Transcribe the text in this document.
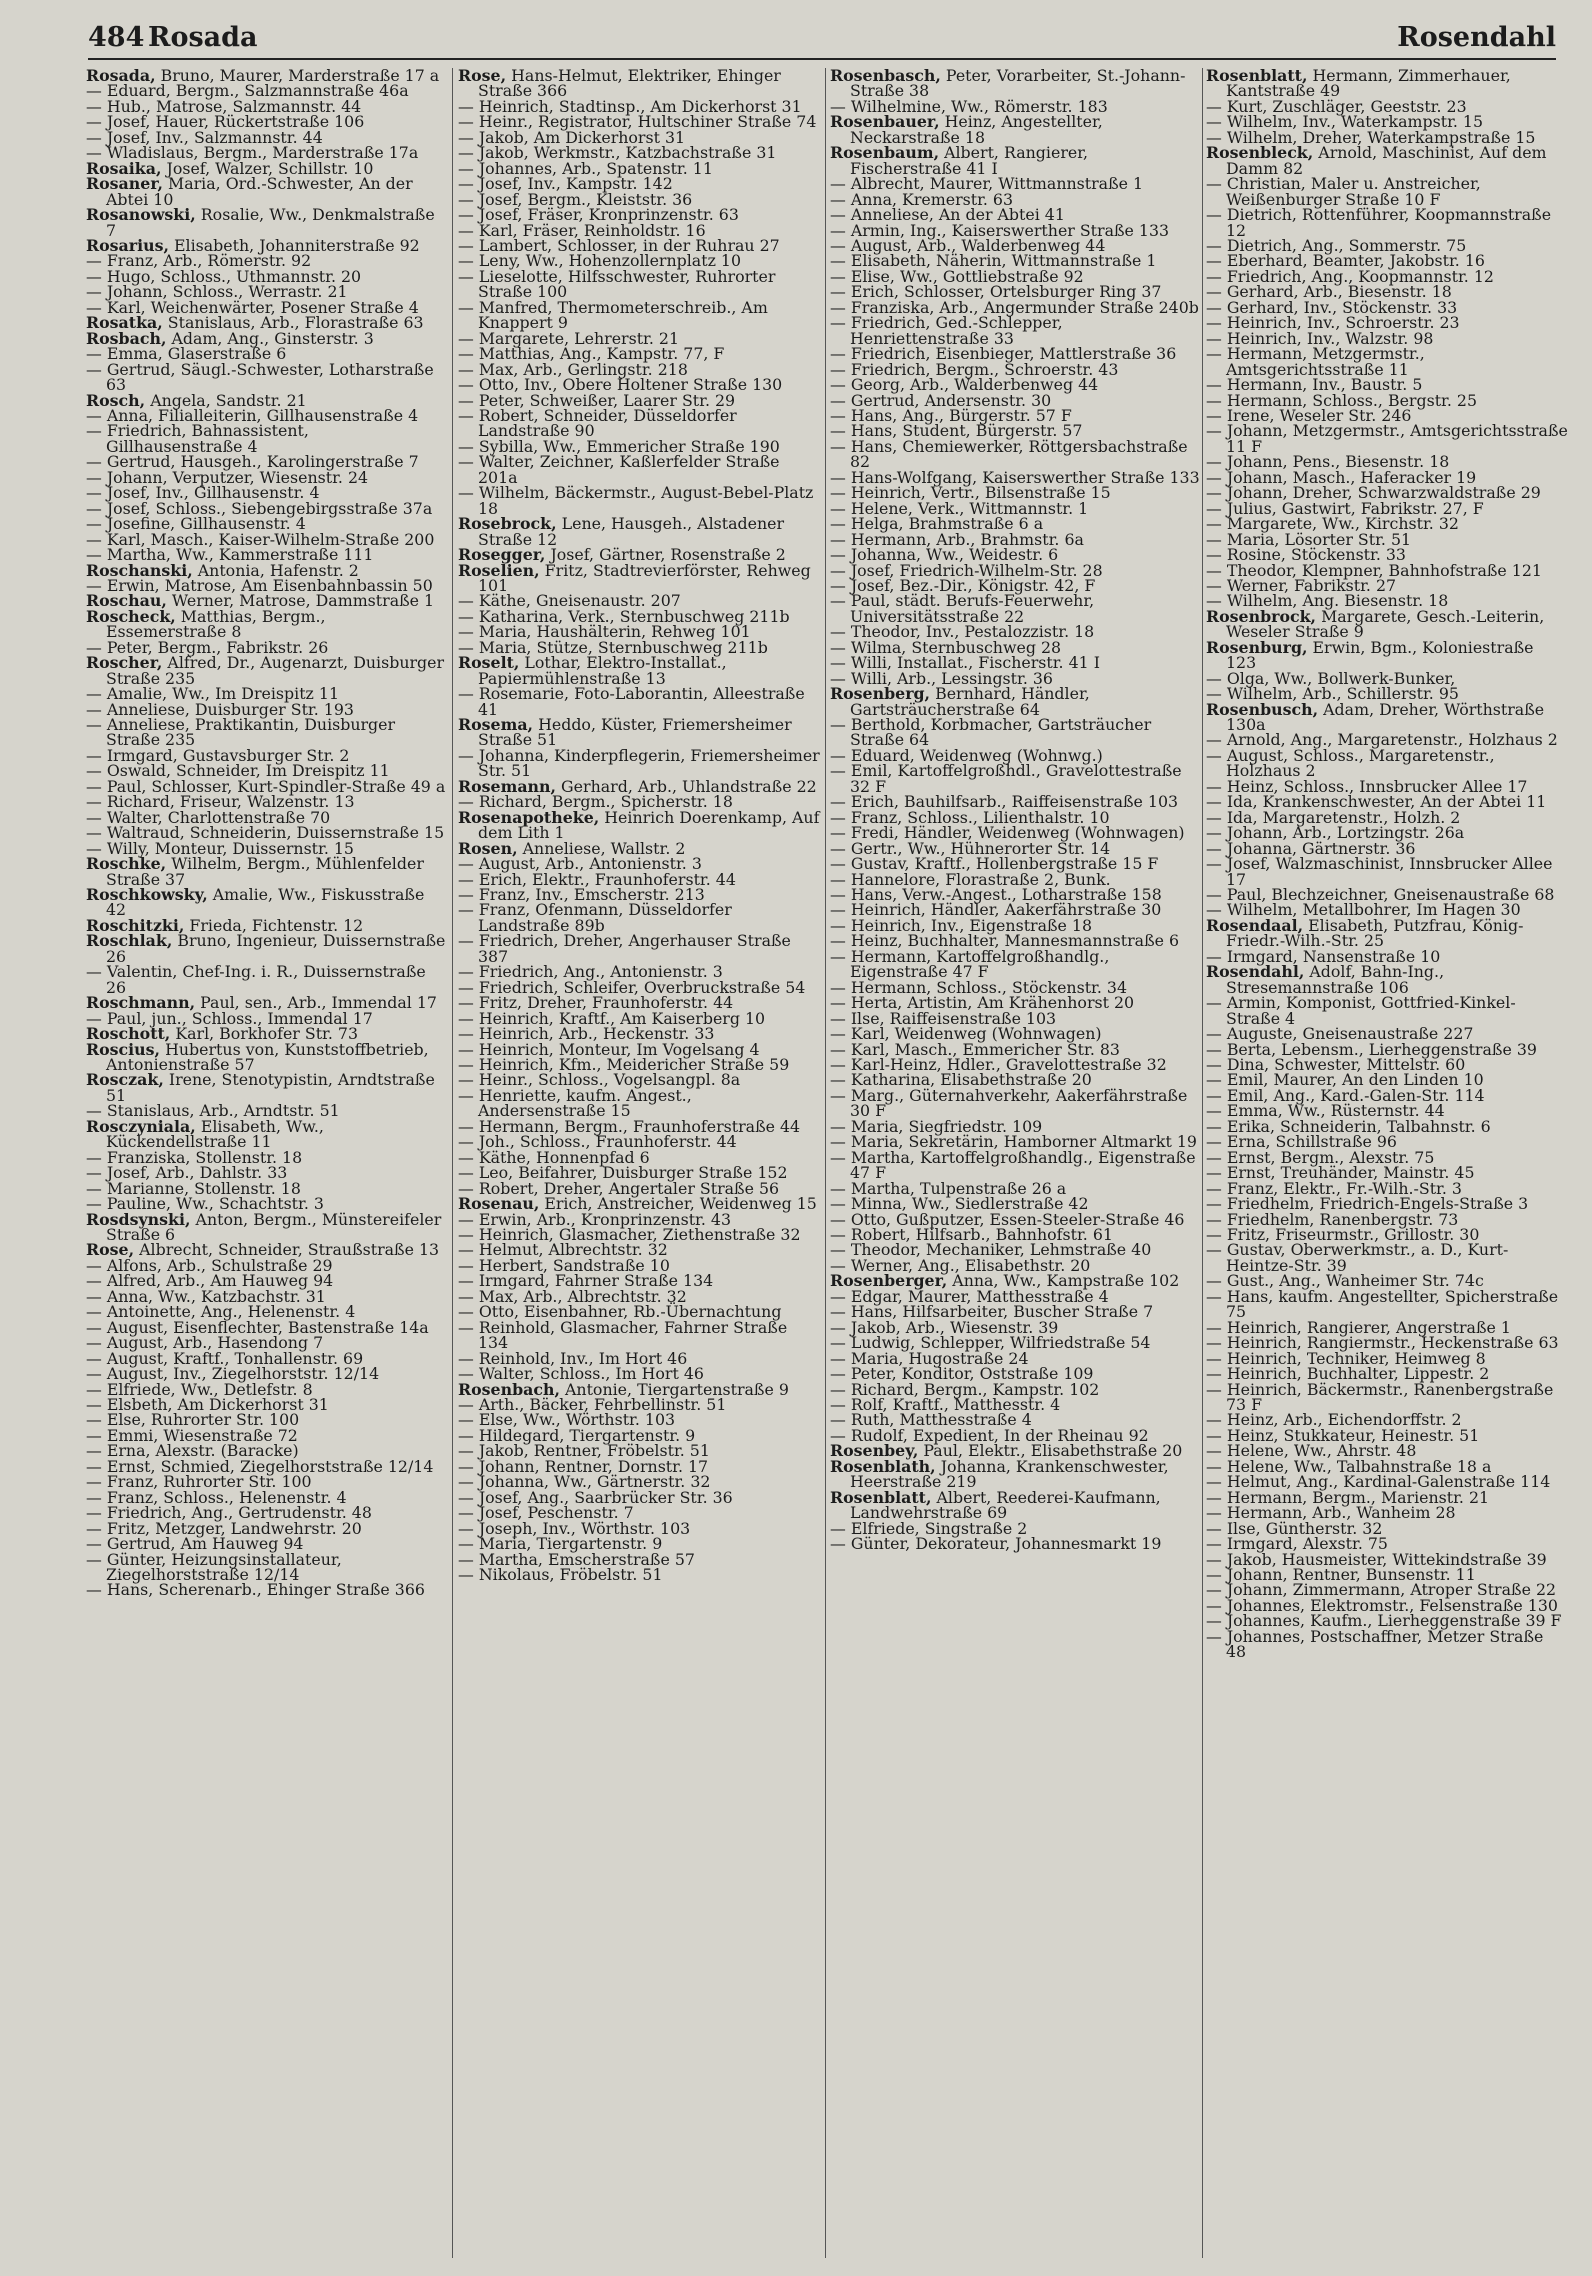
484 Rosada	Rosendahl
Rosada, Bruno, Maurer, Marderstraße 17 a
— Eduard, Bergm., Salzmannstraße 46a
— Hub., Matrose, Salzmannstr. 44
— Josef, Hauer, Rückertstraße 106
— Josef, Inv., Salzmannstr. 44
— Wladislaus, Bergm., Marderstraße 17a
Rosaika, Josef, Walzer, Schillstr. 10
Rosaner, Maria, Ord.-Schwester, An der Abtei 10
Rosanowski, Rosalie, Ww., Denkmalstraße 7
Rosarius, Elisabeth, Johanniterstraße 92
— Franz, Arb., Römerstr. 92
— Hugo, Schloss., Uthmannstr. 20
— Johann, Schloss., Werrastr. 21
— Karl, Weichenwärter, Posener Straße 4
Rosatka, Stanislaus, Arb., Florastraße 63
Rosbach, Adam, Ang., Ginsterstr. 3
— Emma, Glaserstraße 6
— Gertrud, Säugl.-Schwester, Lotharstraße 63
Rosch, Angela, Sandstr. 21
— Anna, Filialleiterin, Gillhausenstraße 4
— Friedrich, Bahnassistent, Gillhausenstraße 4
— Gertrud, Hausgeh., Karolingerstraße 7
— Johann, Verputzer, Wiesenstr. 24
— Josef, Inv., Gillhausenstr. 4
— Josef, Schloss., Siebengebirgsstraße 37a
— Josefine, Gillhausenstr. 4
— Karl, Masch., Kaiser-Wilhelm-Straße 200
— Martha, Ww., Kammerstraße 111
Roschanski, Antonia, Hafenstr. 2
— Erwin, Matrose, Am Eisenbahnbassin 50
Roschau, Werner, Matrose, Dammstraße 1
Roscheck, Matthias, Bergm., Essemerstraße 8
— Peter, Bergm., Fabrikstr. 26
Roscher, Alfred, Dr., Augenarzt, Duisburger Straße 235
— Amalie, Ww., Im Dreispitz 11
— Anneliese, Duisburger Str. 193
— Anneliese, Praktikantin, Duisburger Straße 235
— Irmgard, Gustavsburger Str. 2
— Oswald, Schneider, Im Dreispitz 11
— Paul, Schlosser, Kurt-Spindler-Straße 49 a
— Richard, Friseur, Walzenstr. 13
— Walter, Charlottenstraße 70
— Waltraud, Schneiderin, Duissernstraße 15
— Willy, Monteur, Duissernstr. 15
Roschke, Wilhelm, Bergm., Mühlenfelder Straße 37
Roschkowsky, Amalie, Ww., Fiskusstraße 42
Roschitzki, Frieda, Fichtenstr. 12
Roschlak, Bruno, Ingenieur, Duissernstraße 26
— Valentin, Chef-Ing. i. R., Duissernstraße 26
Roschmann, Paul, sen., Arb., Immendal 17
— Paul, jun., Schloss., Immendal 17
Roschott, Karl, Borkhofer Str. 73
Roscius, Hubertus von, Kunststoffbetrieb, Antonienstraße 57
Rosczak, Irene, Stenotypistin, Arndtstraße 51
— Stanislaus, Arb., Arndtstr. 51
Rosczyniala, Elisabeth, Ww., Kückendellstraße 11
— Franziska, Stollenstr. 18
— Josef, Arb., Dahlstr. 33
— Marianne, Stollenstr. 18
— Pauline, Ww., Schachtstr. 3
Rosdsynski, Anton, Bergm., Münstereifeler Straße 6
Rose, Albrecht, Schneider, Straußstraße 13
— Alfons, Arb., Schulstraße 29
— Alfred, Arb., Am Hauweg 94
— Anna, Ww., Katzbachstr. 31
— Antoinette, Ang., Helenenstr. 4
— August, Eisenflechter, Bastenstraße 14a
— August, Arb., Hasendong 7
— August, Kraftf., Tonhallenstr. 69
— August, Inv., Ziegelhorststr. 12/14
— Elfriede, Ww., Detlefstr. 8
— Elsbeth, Am Dickerhorst 31
— Else, Ruhrorter Str. 100
— Emmi, Wiesenstraße 72
— Erna, Alexstr. (Baracke)
— Ernst, Schmied, Ziegelhorststraße 12/14
— Franz, Ruhrorter Str. 100
— Franz, Schloss., Helenenstr. 4
— Friedrich, Ang., Gertrudenstr. 48
— Fritz, Metzger, Landwehrstr. 20
— Gertrud, Am Hauweg 94
— Günter, Heizungsinstallateur, Ziegelhorststraße 12/14
— Hans, Scherenarb., Ehinger Straße 366
Rose, Hans-Helmut, Elektriker, Ehinger Straße 366
— Heinrich, Stadtinsp., Am Dickerhorst 31
— Heinr., Registrator, Hultschiner Straße 74
— Jakob, Am Dickerhorst 31
— Jakob, Werkmstr., Katzbachstraße 31
— Johannes, Arb., Spatenstr. 11
— Josef, Inv., Kampstr. 142
— Josef, Bergm., Kleiststr. 36
— Josef, Fräser, Kronprinzenstr. 63
— Karl, Fräser, Reinholdstr. 16
— Lambert, Schlosser, in der Ruhrau 27
— Leny, Ww., Hohenzollernplatz 10
— Lieselotte, Hilfsschwester, Ruhrorter Straße 100
— Manfred, Thermometerschreib., Am Knappert 9
— Margarete, Lehrerstr. 21
— Matthias, Ang., Kampstr. 77, F
— Max, Arb., Gerlingstr. 218
— Otto, Inv., Obere Holtener Straße 130
— Peter, Schweißer, Laarer Str. 29
— Robert, Schneider, Düsseldorfer Landstraße 90
— Sybilla, Ww., Emmericher Straße 190
— Walter, Zeichner, Kaßlerfelder Straße 201a
— Wilhelm, Bäckermstr., August-Bebel-Platz 18
Rosebrock, Lene, Hausgeh., Alstadener Straße 12
Rosegger, Josef, Gärtner, Rosenstraße 2
Roselien, Fritz, Stadtrevierförster, Rehweg 101
— Käthe, Gneisenaustr. 207
— Katharina, Verk., Sternbuschweg 211b
— Maria, Haushälterin, Rehweg 101
— Maria, Stütze, Sternbuschweg 211b
Roselt, Lothar, Elektro-Installat., Papiermühlenstraße 13
— Rosemarie, Foto-Laborantin, Alleestraße 41
Rosema, Heddo, Küster, Friemersheimer Straße 51
— Johanna, Kinderpflegerin, Friemersheimer Str. 51
Rosemann, Gerhard, Arb., Uhlandstraße 22
— Richard, Bergm., Spicherstr. 18
Rosenapotheke, Heinrich Doerenkamp, Auf dem Lith 1
Rosen, Anneliese, Wallstr. 2
— August, Arb., Antonienstr. 3
— Erich, Elektr., Fraunhoferstr. 44
— Franz, Inv., Emscherstr. 213
— Franz, Ofenmann, Düsseldorfer Landstraße 89b
— Friedrich, Dreher, Angerhauser Straße 387
— Friedrich, Ang., Antonienstr. 3
— Friedrich, Schleifer, Overbruckstraße 54
— Fritz, Dreher, Fraunhoferstr. 44
— Heinrich, Kraftf., Am Kaiserberg 10
— Heinrich, Arb., Heckenstr. 33
— Heinrich, Monteur, Im Vogelsang 4
— Heinrich, Kfm., Meidericher Straße 59
— Heinr., Schloss., Vogelsangpl. 8a
— Henriette, kaufm. Angest., Andersenstraße 15
— Hermann, Bergm., Fraunhoferstraße 44
— Joh., Schloss., Fraunhoferstr. 44
— Käthe, Honnenpfad 6
— Leo, Beifahrer, Duisburger Straße 152
— Robert, Dreher, Angertaler Straße 56
Rosenau, Erich, Anstreicher, Weidenweg 15
— Erwin, Arb., Kronprinzenstr. 43
— Heinrich, Glasmacher, Ziethenstraße 32
— Helmut, Albrechtstr. 32
— Herbert, Sandstraße 10
— Irmgard, Fahrner Straße 134
— Max, Arb., Albrechtstr. 32
— Otto, Eisenbahner, Rb.-Übernachtung
— Reinhold, Glasmacher, Fahrner Straße 134
— Reinhold, Inv., Im Hort 46
— Walter, Schloss., Im Hort 46
Rosenbach, Antonie, Tiergartenstraße 9
— Arth., Bäcker, Fehrbellinstr. 51
— Else, Ww., Wörthstr. 103
— Hildegard, Tiergartenstr. 9
— Jakob, Rentner, Fröbelstr. 51
— Johann, Rentner, Dornstr. 17
— Johanna, Ww., Gärtnerstr. 32
— Josef, Ang., Saarbrücker Str. 36
— Josef, Peschenstr. 7
— Joseph, Inv., Wörthstr. 103
— Maria, Tiergartenstr. 9
— Martha, Emscherstraße 57
— Nikolaus, Fröbelstr. 51
Rosenbasch, Peter, Vorarbeiter, St.-Johann-Straße 38
— Wilhelmine, Ww., Römerstr. 183
Rosenbauer, Heinz, Angestellter, Neckarstraße 18
Rosenbaum, Albert, Rangierer, Fischerstraße 41 I
— Albrecht, Maurer, Wittmannstraße 1
— Anna, Kremerstr. 63
— Anneliese, An der Abtei 41
— Armin, Ing., Kaiserswerther Straße 133
— August, Arb., Walderbenweg 44
— Elisabeth, Näherin, Wittmannstraße 1
— Elise, Ww., Gottliebstraße 92
— Erich, Schlosser, Ortelsburger Ring 37
— Franziska, Arb., Angermunder Straße 240b
— Friedrich, Ged.-Schlepper, Henriettenstraße 33
— Friedrich, Eisenbieger, Mattlerstraße 36
— Friedrich, Bergm., Schroerstr. 43
— Georg, Arb., Walderbenweg 44
— Gertrud, Andersenstr. 30
— Hans, Ang., Bürgerstr. 57 F
— Hans, Student, Bürgerstr. 57
— Hans, Chemiewerker, Röttgersbachstraße 82
— Hans-Wolfgang, Kaiserswerther Straße 133
— Heinrich, Vertr., Bilsenstraße 15
— Helene, Verk., Wittmannstr. 1
— Helga, Brahmstraße 6 a
— Hermann, Arb., Brahmstr. 6a
— Johanna, Ww., Weidestr. 6
— Josef, Friedrich-Wilhelm-Str. 28
— Josef, Bez.-Dir., Königstr. 42, F
— Paul, städt. Berufs-Feuerwehr, Universitätsstraße 22
— Theodor, Inv., Pestalozzistr. 18
— Wilma, Sternbuschweg 28
— Willi, Installat., Fischerstr. 41 I
— Willi, Arb., Lessingstr. 36
Rosenberg, Bernhard, Händler, Gartsträucherstraße 64
— Berthold, Korbmacher, Gartsträucher Straße 64
— Eduard, Weidenweg (Wohnwg.)
— Emil, Kartoffelgroßhdl., Gravelottestraße 32 F
— Erich, Bauhilfsarb., Raiffeisenstraße 103
— Franz, Schloss., Lilienthalstr. 10
— Fredi, Händler, Weidenweg (Wohnwagen)
— Gertr., Ww., Hühnerorter Str. 14
— Gustav, Kraftf., Hollenbergstraße 15 F
— Hannelore, Florastraße 2, Bunk.
— Hans, Verw.-Angest., Lotharstraße 158
— Heinrich, Händler, Aakerfährstraße 30
— Heinrich, Inv., Eigenstraße 18
— Heinz, Buchhalter, Mannesmannstraße 6
— Hermann, Kartoffelgroßhandlg., Eigenstraße 47 F
— Hermann, Schloss., Stöckenstr. 34
— Herta, Artistin, Am Krähenhorst 20
— Ilse, Raiffeisenstraße 103
— Karl, Weidenweg (Wohnwagen)
— Karl, Masch., Emmericher Str. 83
— Karl-Heinz, Hdler., Gravelottestraße 32
— Katharina, Elisabethstraße 20
— Marg., Güternahverkehr, Aakerfährstraße 30 F
— Maria, Siegfriedstr. 109
— Maria, Sekretärin, Hamborner Altmarkt 19
— Martha, Kartoffelgroßhandlg., Eigenstraße 47 F
— Martha, Tulpenstraße 26 a
— Minna, Ww., Siedlerstraße 42
— Otto, Gußputzer, Essen-Steeler-Straße 46
— Robert, Hilfsarb., Bahnhofstr. 61
— Theodor, Mechaniker, Lehmstraße 40
— Werner, Ang., Elisabethstr. 20
Rosenberger, Anna, Ww., Kampstraße 102
— Edgar, Maurer, Matthesstraße 4
— Hans, Hilfsarbeiter, Buscher Straße 7
— Jakob, Arb., Wiesenstr. 39
— Ludwig, Schlepper, Wilfriedstraße 54
— Maria, Hugostraße 24
— Peter, Konditor, Oststraße 109
— Richard, Bergm., Kampstr. 102
— Rolf, Kraftf., Matthesstr. 4
— Ruth, Matthesstraße 4
— Rudolf, Expedient, In der Rheinau 92
Rosenbey, Paul, Elektr., Elisabethstraße 20
Rosenblath, Johanna, Krankenschwester, Heerstraße 219
Rosenblatt, Albert, Reederei-Kaufmann, Landwehrstraße 69
— Elfriede, Singstraße 2
— Günter, Dekorateur, Johannesmarkt 19
Rosenblatt, Hermann, Zimmerhauer, Kantstraße 49
— Kurt, Zuschläger, Geeststr. 23
— Wilhelm, Inv., Waterkampstr. 15
— Wilhelm, Dreher, Waterkampstraße 15
Rosenbleck, Arnold, Maschinist, Auf dem Damm 82
— Christian, Maler u. Anstreicher, Weißenburger Straße 10 F
— Dietrich, Rottenführer, Koopmannstraße 12
— Dietrich, Ang., Sommerstr. 75
— Eberhard, Beamter, Jakobstr. 16
— Friedrich, Ang., Koopmannstr. 12
— Gerhard, Arb., Biesenstr. 18
— Gerhard, Inv., Stöckenstr. 33
— Heinrich, Inv., Schroerstr. 23
— Heinrich, Inv., Walzstr. 98
— Hermann, Metzgermstr., Amtsgerichtsstraße 11
— Hermann, Inv., Baustr. 5
— Hermann, Schloss., Bergstr. 25
— Irene, Weseler Str. 246
— Johann, Metzgermstr., Amtsgerichtsstraße 11 F
— Johann, Pens., Biesenstr. 18
— Johann, Masch., Haferacker 19
— Johann, Dreher, Schwarzwaldstraße 29
— Julius, Gastwirt, Fabrikstr. 27, F
— Margarete, Ww., Kirchstr. 32
— Maria, Lösorter Str. 51
— Rosine, Stöckenstr. 33
— Theodor, Klempner, Bahnhofstraße 121
— Werner, Fabrikstr. 27
— Wilhelm, Ang. Biesenstr. 18
Rosenbrock, Margarete, Gesch.-Leiterin, Weseler Straße 9
Rosenburg, Erwin, Bgm., Koloniestraße 123
— Olga, Ww., Bollwerk-Bunker,
— Wilhelm, Arb., Schillerstr. 95
Rosenbusch, Adam, Dreher, Wörthstraße 130a
— Arnold, Ang., Margaretenstr., Holzhaus 2
— August, Schloss., Margaretenstr., Holzhaus 2
— Heinz, Schloss., Innsbrucker Allee 17
— Ida, Krankenschwester, An der Abtei 11
— Ida, Margaretenstr., Holzh. 2
— Johann, Arb., Lortzingstr. 26a
— Johanna, Gärtnerstr. 36
— Josef, Walzmaschinist, Innsbrucker Allee 17
— Paul, Blechzeichner, Gneisenaustraße 68
— Wilhelm, Metallbohrer, Im Hagen 30
Rosendaal, Elisabeth, Putzfrau, König-Friedr.-Wilh.-Str. 25
— Irmgard, Nansenstraße 10
Rosendahl, Adolf, Bahn-Ing., Stresemannstraße 106
— Armin, Komponist, Gottfried-Kinkel-Straße 4
— Auguste, Gneisenaustraße 227
— Berta, Lebensm., Lierheggenstraße 39
— Dina, Schwester, Mittelstr. 60
— Emil, Maurer, An den Linden 10
— Emil, Ang., Kard.-Galen-Str. 114
— Emma, Ww., Rüsternstr. 44
— Erika, Schneiderin, Talbahnstr. 6
— Erna, Schillstraße 96
— Ernst, Bergm., Alexstr. 75
— Ernst, Treuhänder, Mainstr. 45
— Franz, Elektr., Fr.-Wilh.-Str. 3
— Friedhelm, Friedrich-Engels-Straße 3
— Friedhelm, Ranenbergstr. 73
— Fritz, Friseurmstr., Grillostr. 30
— Gustav, Oberwerkmstr., a. D., Kurt-Heintze-Str. 39
— Gust., Ang., Wanheimer Str. 74c
— Hans, kaufm. Angestellter, Spicherstraße 75
— Heinrich, Rangierer, Angerstraße 1
— Heinrich, Rangiermstr., Heckenstraße 63
— Heinrich, Techniker, Heimweg 8
— Heinrich, Buchhalter, Lippestr. 2
— Heinrich, Bäckermstr., Ranenbergstraße 73 F
— Heinz, Arb., Eichendorffstr. 2
— Heinz, Stukkateur, Heinestr. 51
— Helene, Ww., Ahrstr. 48
— Helene, Ww., Talbahnstraße 18 a
— Helmut, Ang., Kardinal-Galenstraße 114
— Hermann, Bergm., Marienstr. 21
— Hermann, Arb., Wanheim 28
— Ilse, Güntherstr. 32
— Irmgard, Alexstr. 75
— Jakob, Hausmeister, Wittekindstraße 39
— Johann, Rentner, Bunsenstr. 11
— Johann, Zimmermann, Atroper Straße 22
— Johannes, Elektromstr., Felsenstraße 130
— Johannes, Kaufm., Lierheggenstraße 39 F
— Johannes, Postschaffner, Metzer Straße 48
